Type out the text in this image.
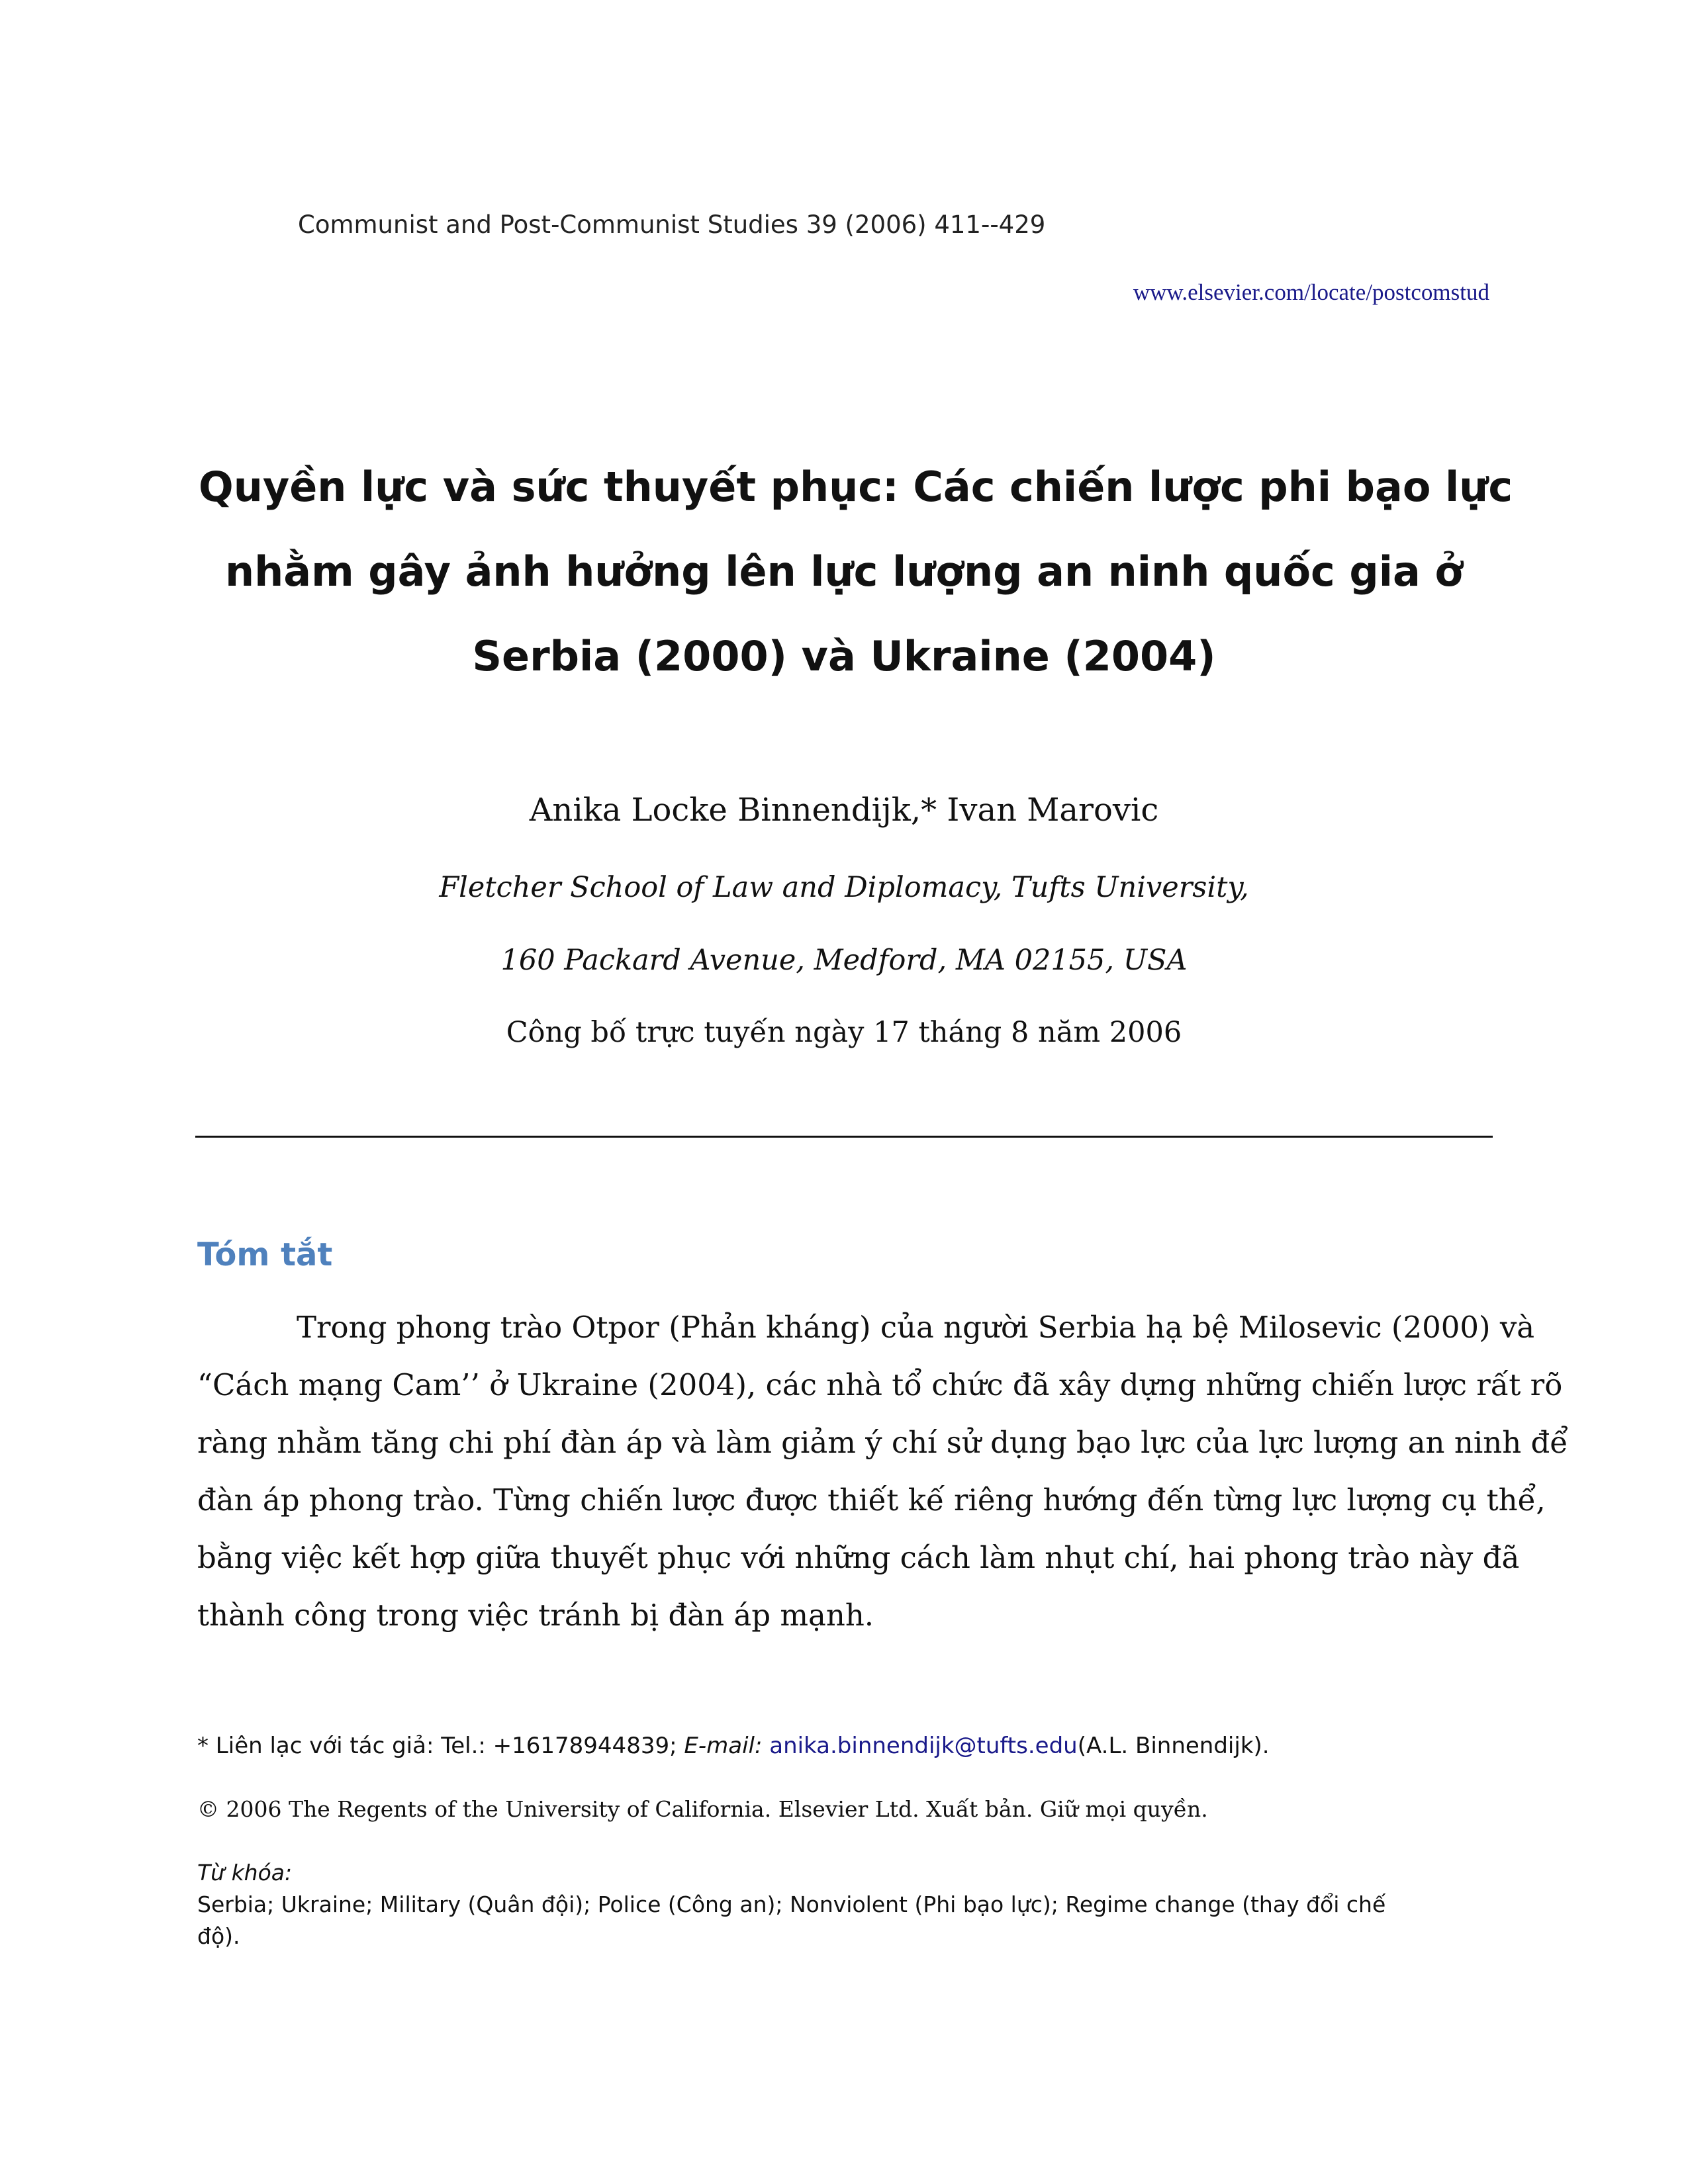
Communist and Post-Communist Studies 39 (2006) 411--429
www.elsevier.com/locate/postcomstud
Quyền lực và sức thuyết phục: Các chiến lược phi bạo lực
nhằm gây ảnh hưởng lên lực lượng an ninh quốc gia ở
Serbia (2000) và Ukraine (2004)
Anika Locke Binnendijk,* Ivan Marovic
Fletcher School of Law and Diplomacy, Tufts University,
160 Packard Avenue, Medford, MA 02155, USA
Công bố trực tuyến ngày 17 tháng 8 năm 2006
Tóm tắt
Trong phong trào Otpor (Phản kháng) của người Serbia hạ bệ Milosevic (2000) và
“Cách mạng Cam’’ ở Ukraine (2004), các nhà tổ chức đã xây dựng những chiến lược rất rõ
ràng nhằm tăng chi phí đàn áp và làm giảm ý chí sử dụng bạo lực của lực lượng an ninh để
đàn áp phong trào. Từng chiến lược được thiết kế riêng hướng đến từng lực lượng cụ thể,
bằng việc kết hợp giữa thuyết phục với những cách làm nhụt chí, hai phong trào này đã
thành công trong việc tránh bị đàn áp mạnh.
* Liên lạc với tác giả: Tel.: +16178944839; E-mail: anika.binnendijk@tufts.edu(A.L. Binnendijk).
© 2006 The Regents of the University of California. Elsevier Ltd. Xuất bản. Giữ mọi quyền.
Từ khóa:
Serbia; Ukraine; Military (Quân đội); Police (Công an); Nonviolent (Phi bạo lực); Regime change (thay đổi chế
độ).
